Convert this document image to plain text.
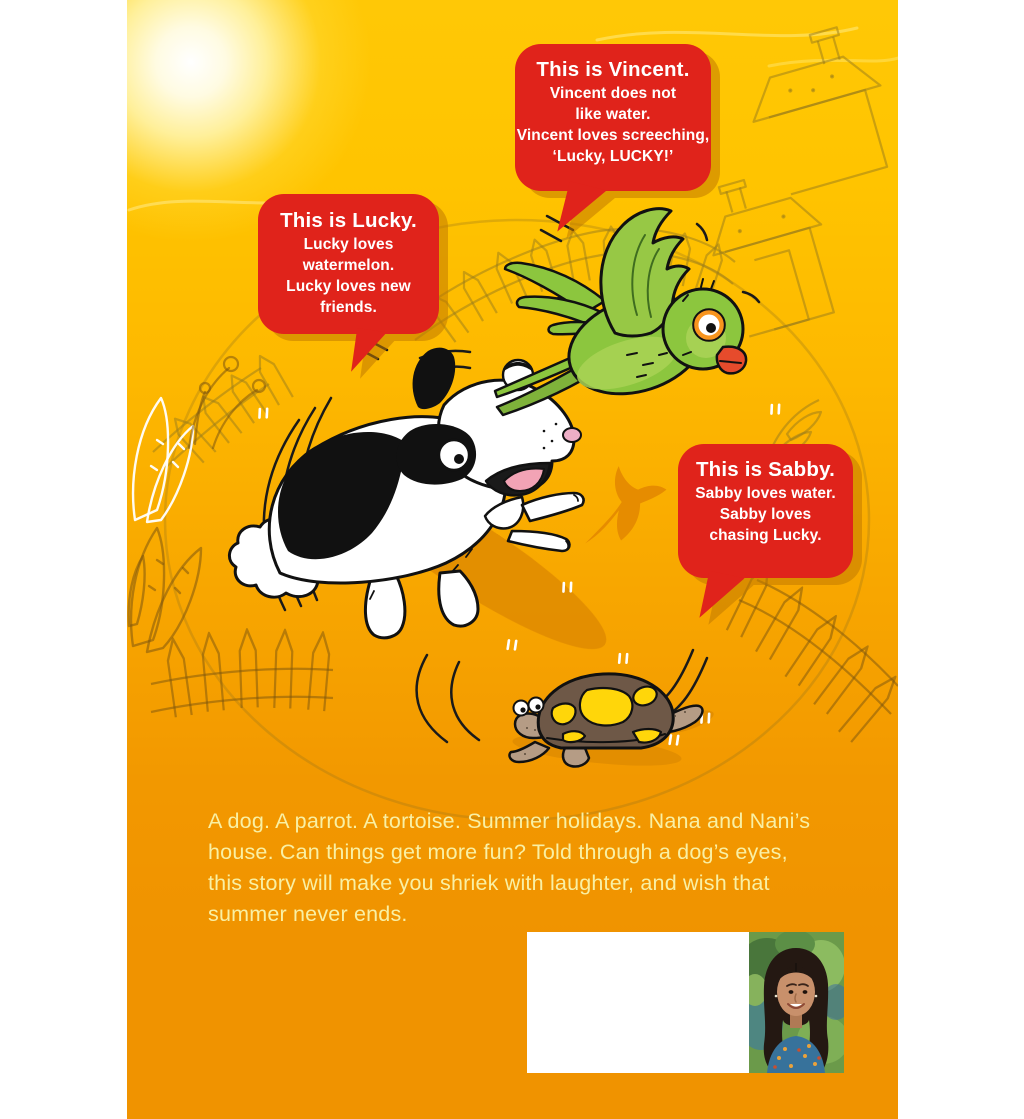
This is Vincent.
Vincent does not
like water.
Vincent loves screeching,
‘Lucky, LUCKY!’
This is Lucky.
Lucky loves
watermelon.
Lucky loves new
friends.
This is Sabby.
Sabby loves water.
Sabby loves
chasing Lucky.
A dog. A parrot. A tortoise. Summer holidays. Nana and Nani’s
house. Can things get more fun? Told through a dog’s eyes,
this story will make you shriek with laughter, and wish that
summer never ends.
